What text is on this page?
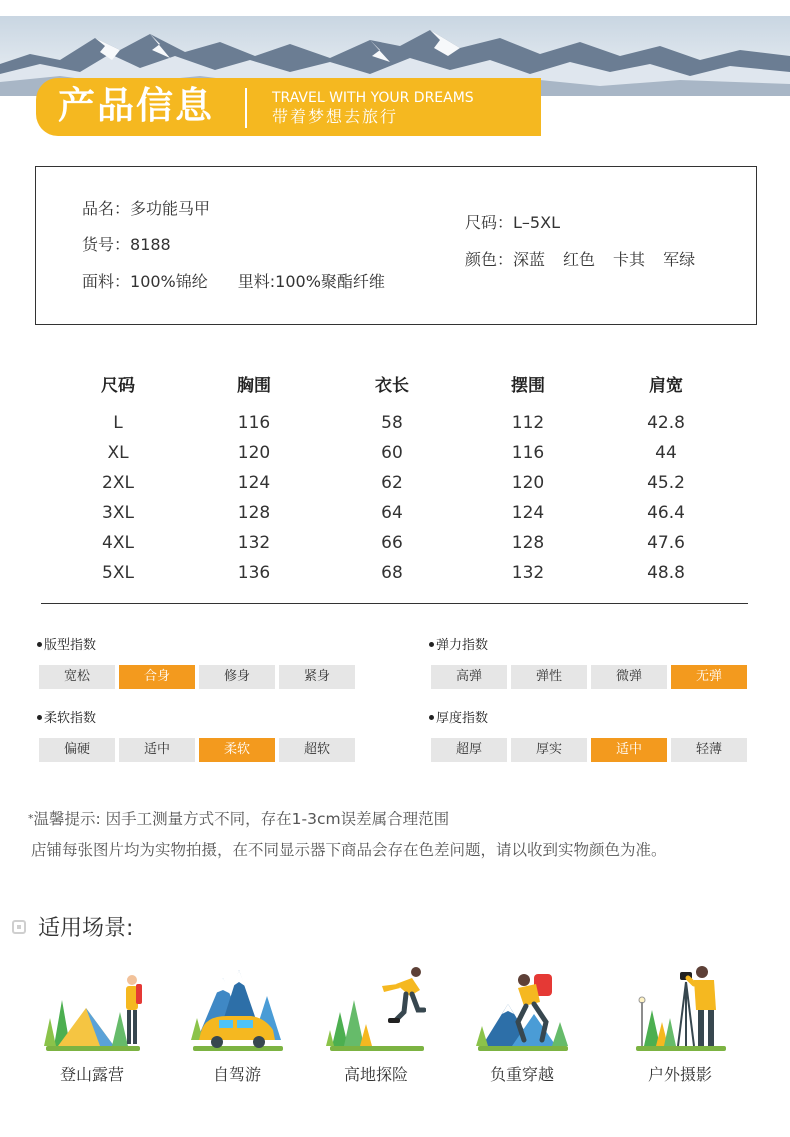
产品信息	TRAVEL WITH YOUR DREAMS
带着梦想去旅行
品名：多功能马甲
货号：8188
面料：100%锦纶 里料:100%聚酯纤维
尺码：L–5XL
颜色：深蓝 红色 卡其 军绿
尺码	胸围	衣长	摆围	肩宽
L	116	58	112	42.8
XL	120	60	116	44
2XL	124	62	120	45.2
3XL	128	64	124	46.4
4XL	132	66	128	47.6
5XL	136	68	132	48.8
版型指数
宽松	合身	修身	紧身
弹力指数
高弹	弹性	微弹	无弹
柔软指数
偏硬	适中	柔软	超软
厚度指数
超厚	厚实	适中	轻薄
*温馨提示: 因手工测量方式不同，存在1-3cm误差属合理范围
店铺每张图片均为实物拍摄，在不同显示器下商品会存在色差问题，请以收到实物颜色为准。
适用场景:
登山露营	自驾游	高地探险	负重穿越	户外摄影
